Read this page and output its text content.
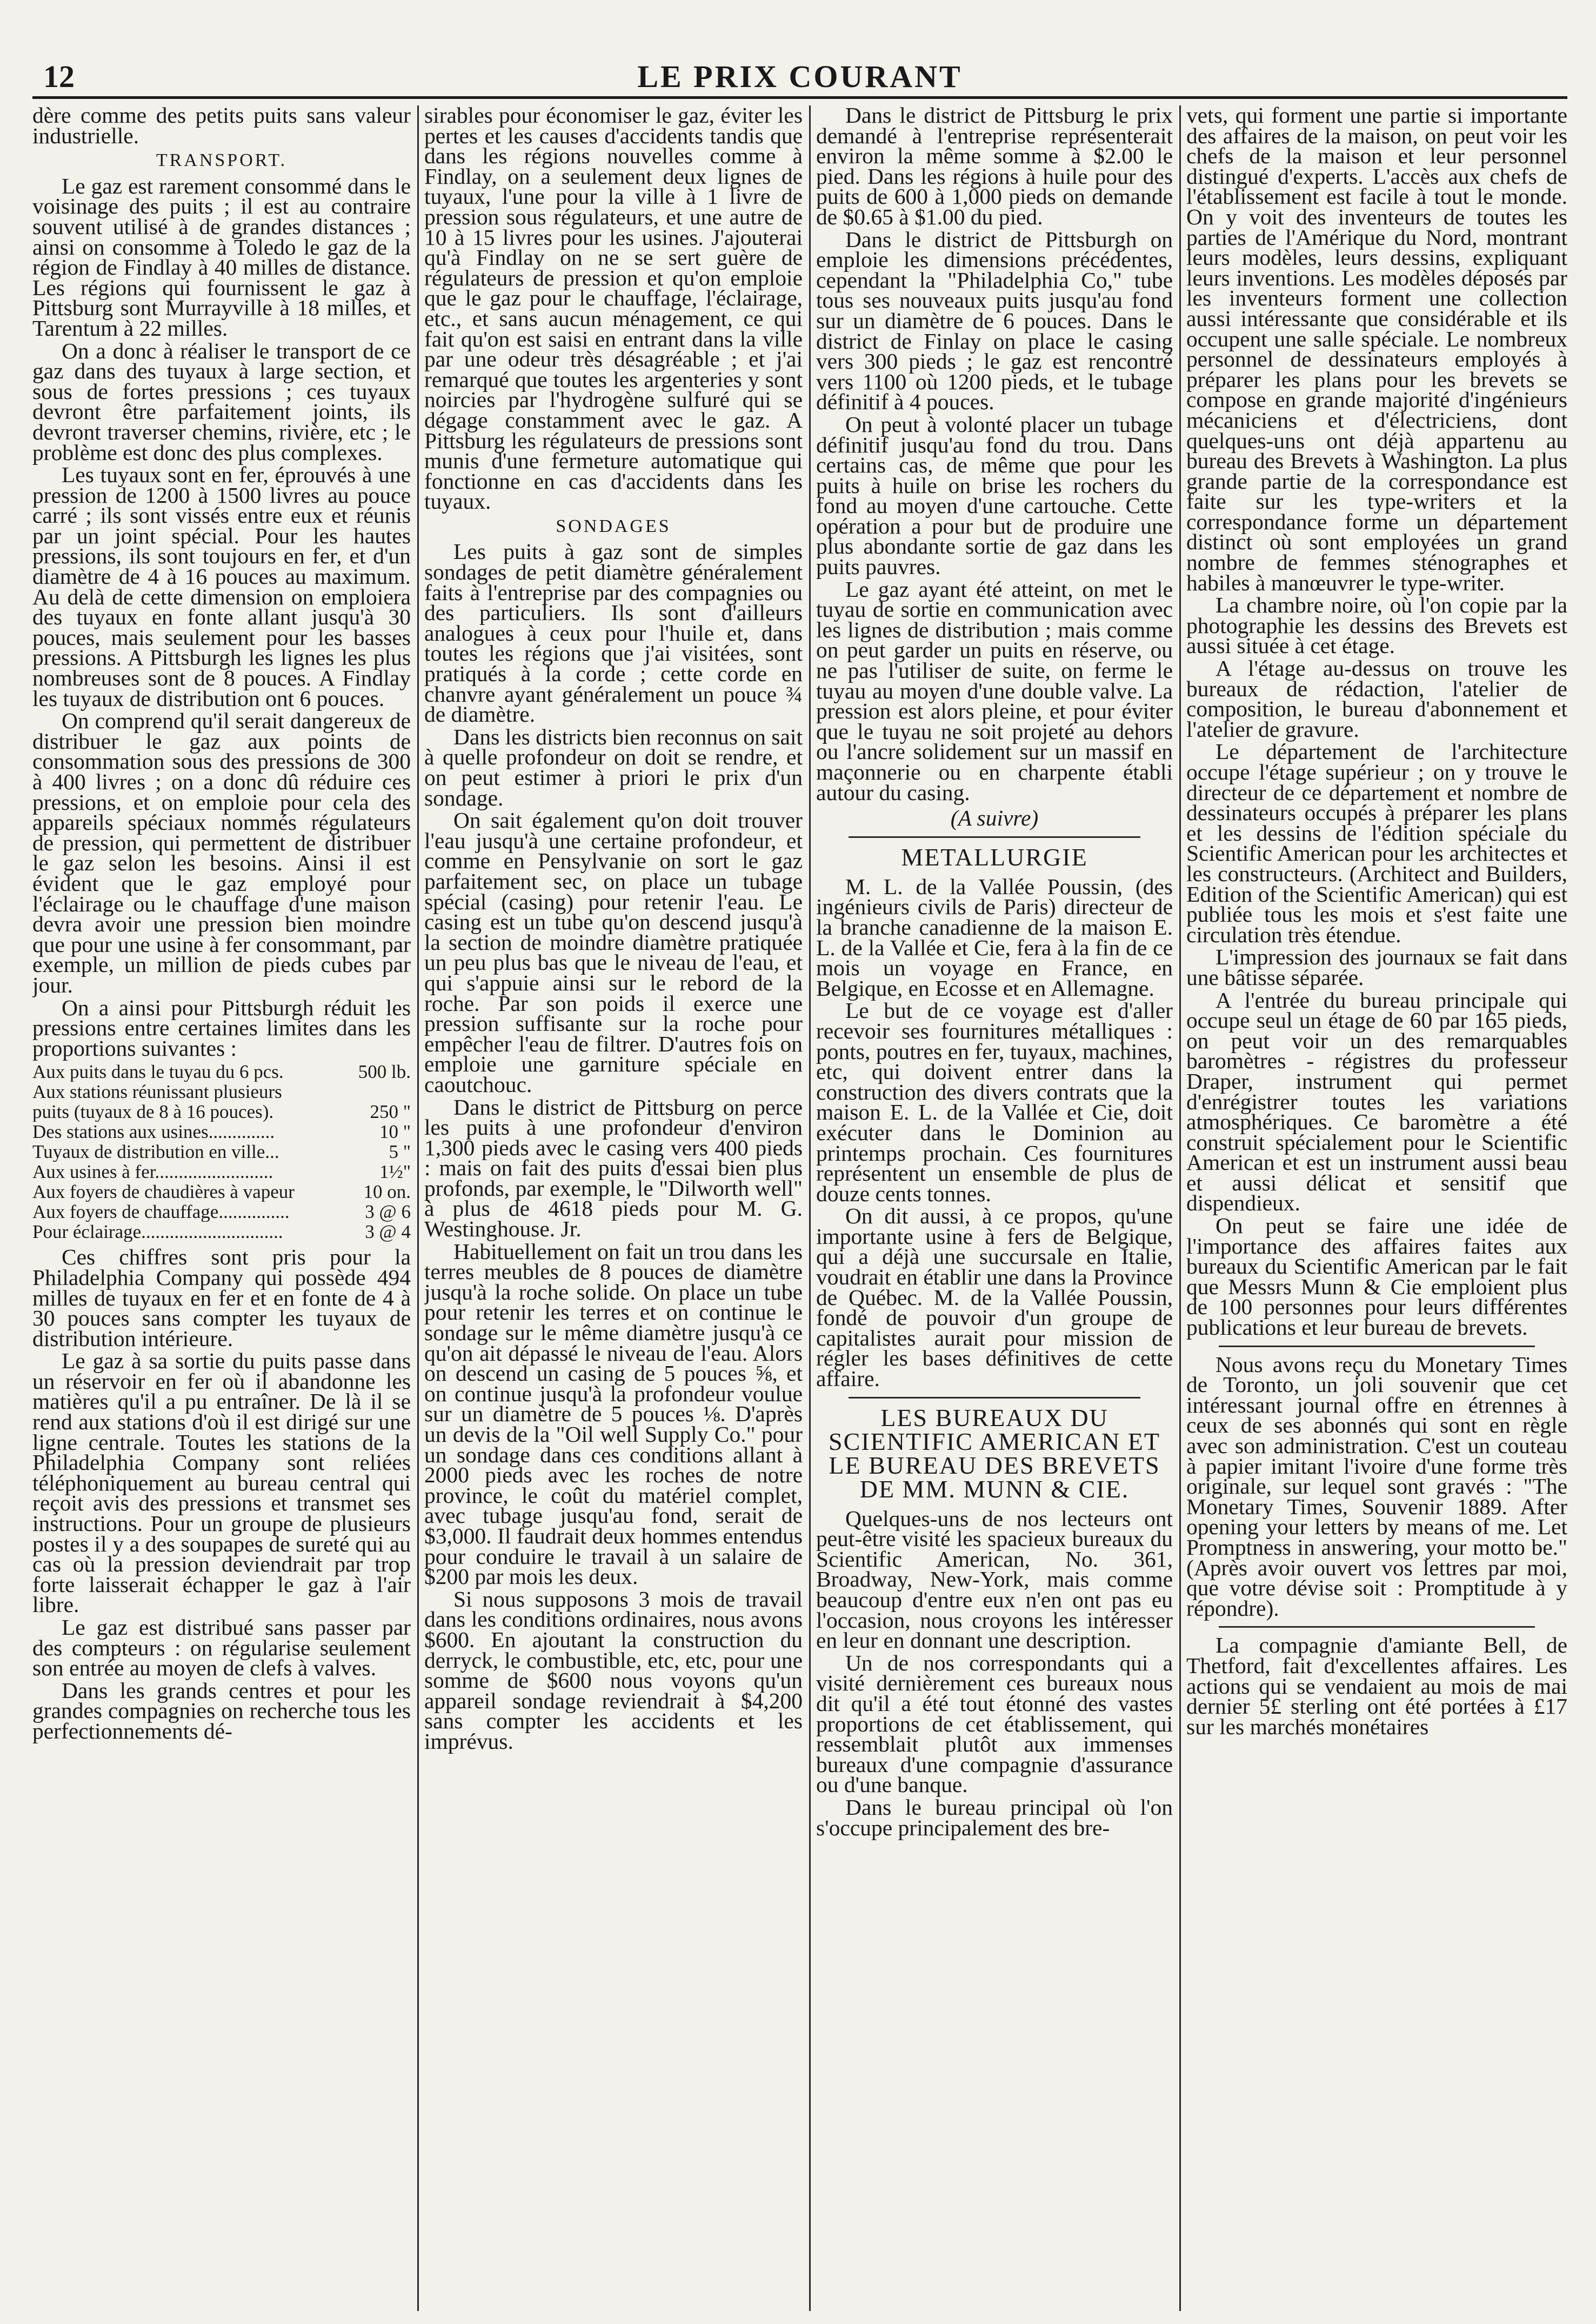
12	LE PRIX COURANT

dère comme des petits puits sans valeur industrielle.

TRANSPORT.

Le gaz est rarement consommé dans le voisinage des puits ; il est au contraire souvent utilisé à de grandes distances ; ainsi on consomme à Toledo le gaz de la région de Findlay à 40 milles de distance. Les régions qui fournissent le gaz à Pittsburg sont Murrayville à 18 milles, et Tarentum à 22 milles.

On a donc à réaliser le transport de ce gaz dans des tuyaux à large section, et sous de fortes pressions ; ces tuyaux devront être parfaitement joints, ils devront traverser chemins, rivière, etc ; le problème est donc des plus complexes.

Les tuyaux sont en fer, éprouvés à une pression de 1200 à 1500 livres au pouce carré ; ils sont vissés entre eux et réunis par un joint spécial. Pour les hautes pressions, ils sont toujours en fer, et d'un diamètre de 4 à 16 pouces au maximum. Au delà de cette dimension on emploiera des tuyaux en fonte allant jusqu'à 30 pouces, mais seulement pour les basses pressions. A Pittsburgh les lignes les plus nombreuses sont de 8 pouces. A Findlay les tuyaux de distribution ont 6 pouces.

On comprend qu'il serait dangereux de distribuer le gaz aux points de consommation sous des pressions de 300 à 400 livres ; on a donc dû réduire ces pressions, et on emploie pour cela des appareils spéciaux nommés régulateurs de pression, qui permettent de distribuer le gaz selon les besoins. Ainsi il est évident que le gaz employé pour l'éclairage ou le chauffage d'une maison devra avoir une pression bien moindre que pour une usine à fer consommant, par exemple, un million de pieds cubes par jour.

On a ainsi pour Pittsburgh réduit les pressions entre certaines limites dans les proportions suivantes :

Aux puits dans le tuyau du 6 pcs.	500 lb.
Aux stations réunissant plusieurs
puits (tuyaux de 8 à 16 pouces).	250 "
Des stations aux usines..............	10 "
Tuyaux de distribution en ville...	5 "
Aux usines à fer.........................	1½"
Aux foyers de chaudières à vapeur	10 on.
Aux foyers de chauffage...............	3 @ 6
Pour éclairage..............................	3 @ 4

Ces chiffres sont pris pour la Philadelphia Company qui possède 494 milles de tuyaux en fer et en fonte de 4 à 30 pouces sans compter les tuyaux de distribution intérieure.

Le gaz à sa sortie du puits passe dans un réservoir en fer où il abandonne les matières qu'il a pu entraîner. De là il se rend aux stations d'où il est dirigé sur une ligne centrale. Toutes les stations de la Philadelphia Company sont reliées téléphoniquement au bureau central qui reçoit avis des pressions et transmet ses instructions. Pour un groupe de plusieurs postes il y a des soupapes de sureté qui au cas où la pression deviendrait par trop forte laisserait échapper le gaz à l'air libre.

Le gaz est distribué sans passer par des compteurs : on régularise seulement son entrée au moyen de clefs à valves.

Dans les grands centres et pour les grandes compagnies on recherche tous les perfectionnements dé-

sirables pour économiser le gaz, éviter les pertes et les causes d'accidents tandis que dans les régions nouvelles comme à Findlay, on a seulement deux lignes de tuyaux, l'une pour la ville à 1 livre de pression sous régulateurs, et une autre de 10 à 15 livres pour les usines. J'ajouterai qu'à Findlay on ne se sert guère de régulateurs de pression et qu'on emploie que le gaz pour le chauffage, l'éclairage, etc., et sans aucun ménagement, ce qui fait qu'on est saisi en entrant dans la ville par une odeur très désagréable ; et j'ai remarqué que toutes les argenteries y sont noircies par l'hydrogène sulfuré qui se dégage constamment avec le gaz. A Pittsburg les régulateurs de pressions sont munis d'une fermeture automatique qui fonctionne en cas d'accidents dans les tuyaux.

SONDAGES

Les puits à gaz sont de simples sondages de petit diamètre généralement faits à l'entreprise par des compagnies ou des particuliers. Ils sont d'ailleurs analogues à ceux pour l'huile et, dans toutes les régions que j'ai visitées, sont pratiqués à la corde ; cette corde en chanvre ayant généralement un pouce ¾ de diamètre.

Dans les districts bien reconnus on sait à quelle profondeur on doit se rendre, et on peut estimer à priori le prix d'un sondage.

On sait également qu'on doit trouver l'eau jusqu'à une certaine profondeur, et comme en Pensylvanie on sort le gaz parfaitement sec, on place un tubage spécial (casing) pour retenir l'eau. Le casing est un tube qu'on descend jusqu'à la section de moindre diamètre pratiquée un peu plus bas que le niveau de l'eau, et qui s'appuie ainsi sur le rebord de la roche. Par son poids il exerce une pression suffisante sur la roche pour empêcher l'eau de filtrer. D'autres fois on emploie une garniture spéciale en caoutchouc.

Dans le district de Pittsburg on perce les puits à une profondeur d'environ 1,300 pieds avec le casing vers 400 pieds : mais on fait des puits d'essai bien plus profonds, par exemple, le "Dilworth well" à plus de 4618 pieds pour M. G. Westinghouse. Jr.

Habituellement on fait un trou dans les terres meubles de 8 pouces de diamètre jusqu'à la roche solide. On place un tube pour retenir les terres et on continue le sondage sur le même diamètre jusqu'à ce qu'on ait dépassé le niveau de l'eau. Alors on descend un casing de 5 pouces ⅝, et on continue jusqu'à la profondeur voulue sur un diamètre de 5 pouces ⅛. D'après un devis de la "Oil well Supply Co." pour un sondage dans ces conditions allant à 2000 pieds avec les roches de notre province, le coût du matériel complet, avec tubage jusqu'au fond, serait de $3,000. Il faudrait deux hommes entendus pour conduire le travail à un salaire de $200 par mois les deux.

Si nous supposons 3 mois de travail dans les conditions ordinaires, nous avons $600. En ajoutant la construction du derryck, le combustible, etc, etc, pour une somme de $600 nous voyons qu'un appareil sondage reviendrait à $4,200 sans compter les accidents et les imprévus.

Dans le district de Pittsburg le prix demandé à l'entreprise représenterait environ la même somme à $2.00 le pied. Dans les régions à huile pour des puits de 600 à 1,000 pieds on demande de $0.65 à $1.00 du pied.

Dans le district de Pittsburgh on emploie les dimensions précédentes, cependant la "Philadelphia Co," tube tous ses nouveaux puits jusqu'au fond sur un diamètre de 6 pouces. Dans le district de Finlay on place le casing vers 300 pieds ; le gaz est rencontré vers 1100 où 1200 pieds, et le tubage définitif à 4 pouces.

On peut à volonté placer un tubage définitif jusqu'au fond du trou. Dans certains cas, de même que pour les puits à huile on brise les rochers du fond au moyen d'une cartouche. Cette opération a pour but de produire une plus abondante sortie de gaz dans les puits pauvres.

Le gaz ayant été atteint, on met le tuyau de sortie en communication avec les lignes de distribution ; mais comme on peut garder un puits en réserve, ou ne pas l'utiliser de suite, on ferme le tuyau au moyen d'une double valve. La pression est alors pleine, et pour éviter que le tuyau ne soit projeté au dehors ou l'ancre solidement sur un massif en maçonnerie ou en charpente établi autour du casing.

(A suivre)
METALLURGIE

M. L. de la Vallée Poussin, (des ingénieurs civils de Paris) directeur de la branche canadienne de la maison E. L. de la Vallée et Cie, fera à la fin de ce mois un voyage en France, en Belgique, en Ecosse et en Allemagne.

Le but de ce voyage est d'aller recevoir ses fournitures métalliques : ponts, poutres en fer, tuyaux, machines, etc, qui doivent entrer dans la construction des divers contrats que la maison E. L. de la Vallée et Cie, doit exécuter dans le Dominion au printemps prochain. Ces fournitures représentent un ensemble de plus de douze cents tonnes.

On dit aussi, à ce propos, qu'une importante usine à fers de Belgique, qui a déjà une succursale en Italie, voudrait en établir une dans la Province de Québec. M. de la Vallée Poussin, fondé de pouvoir d'un groupe de capitalistes aurait pour mission de régler les bases définitives de cette affaire.

LES BUREAUX DU SCIENTIFIC AMERICAN ET LE BUREAU DES BREVETS DE MM. MUNN & CIE.

Quelques-uns de nos lecteurs ont peut-être visité les spacieux bureaux du Scientific American, No. 361, Broadway, New-York, mais comme beaucoup d'entre eux n'en ont pas eu l'occasion, nous croyons les intéresser en leur en donnant une description.

Un de nos correspondants qui a visité dernièrement ces bureaux nous dit qu'il a été tout étonné des vastes proportions de cet établissement, qui ressemblait plutôt aux immenses bureaux d'une compagnie d'assurance ou d'une banque.

Dans le bureau principal où l'on s'occupe principalement des bre-

vets, qui forment une partie si importante des affaires de la maison, on peut voir les chefs de la maison et leur personnel distingué d'experts. L'accès aux chefs de l'établissement est facile à tout le monde. On y voit des inventeurs de toutes les parties de l'Amérique du Nord, montrant leurs modèles, leurs dessins, expliquant leurs inventions. Les modèles déposés par les inventeurs forment une collection aussi intéressante que considérable et ils occupent une salle spéciale. Le nombreux personnel de dessinateurs employés à préparer les plans pour les brevets se compose en grande majorité d'ingénieurs mécaniciens et d'électriciens, dont quelques-uns ont déjà appartenu au bureau des Brevets à Washington. La plus grande partie de la correspondance est faite sur les type-writers et la correspondance forme un département distinct où sont employées un grand nombre de femmes sténographes et habiles à manœuvrer le type-writer.

La chambre noire, où l'on copie par la photographie les dessins des Brevets est aussi située à cet étage.

A l'étage au-dessus on trouve les bureaux de rédaction, l'atelier de composition, le bureau d'abonnement et l'atelier de gravure.

Le département de l'architecture occupe l'étage supérieur ; on y trouve le directeur de ce département et nombre de dessinateurs occupés à préparer les plans et les dessins de l'édition spéciale du Scientific American pour les architectes et les constructeurs. (Architect and Builders, Edition of the Scientific American) qui est publiée tous les mois et s'est faite une circulation très étendue.

L'impression des journaux se fait dans une bâtisse séparée.

A l'entrée du bureau principale qui occupe seul un étage de 60 par 165 pieds, on peut voir un des remarquables baromètres - régistres du professeur Draper, instrument qui permet d'enrégistrer toutes les variations atmosphériques. Ce baromètre a été construit spécialement pour le Scientific American et est un instrument aussi beau et aussi délicat et sensitif que dispendieux.

On peut se faire une idée de l'importance des affaires faites aux bureaux du Scientific American par le fait que Messrs Munn & Cie emploient plus de 100 personnes pour leurs différentes publications et leur bureau de brevets.

Nous avons reçu du Monetary Times de Toronto, un joli souvenir que cet intéressant journal offre en étrennes à ceux de ses abonnés qui sont en règle avec son administration. C'est un couteau à papier imitant l'ivoire d'une forme très originale, sur lequel sont gravés : "The Monetary Times, Souvenir 1889. After opening your letters by means of me. Let Promptness in answering, your motto be." (Après avoir ouvert vos lettres par moi, que votre dévise soit : Promptitude à y répondre).

La compagnie d'amiante Bell, de Thetford, fait d'excellentes affaires. Les actions qui se vendaient au mois de mai dernier 5£ sterling ont été portées à £17 sur les marchés monétaires
